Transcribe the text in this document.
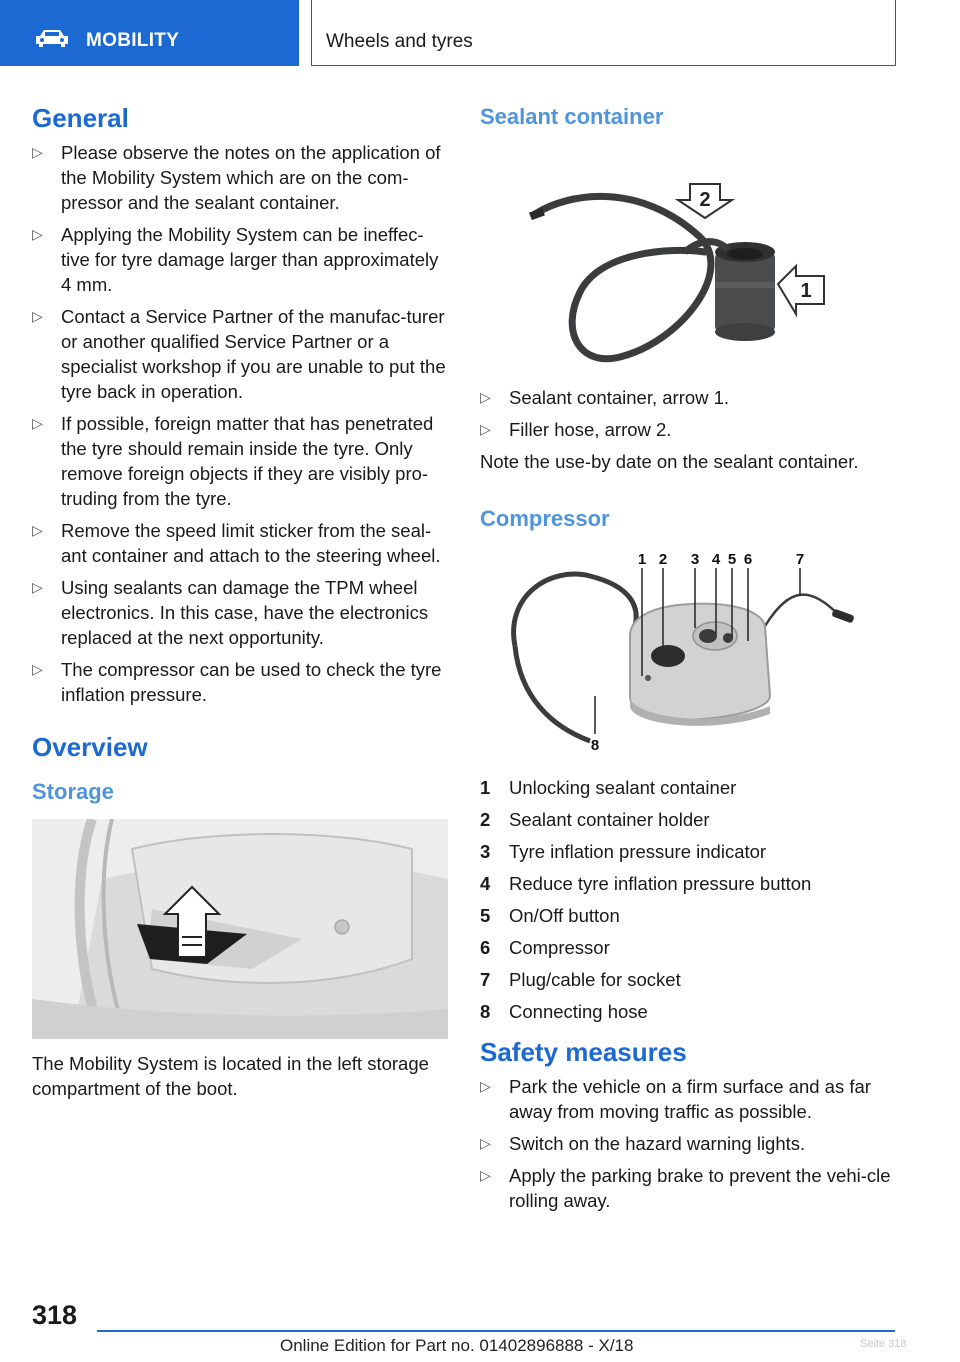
MOBILITY	Wheels and tyres
General
▷ Please observe the notes on the application of the Mobility System which are on the com-pressor and the sealant container.
▷ Applying the Mobility System can be ineffec-tive for tyre damage larger than approximately 4 mm.
▷ Contact a Service Partner of the manufac-turer or another qualified Service Partner or a specialist workshop if you are unable to put the tyre back in operation.
▷ If possible, foreign matter that has penetrated the tyre should remain inside the tyre. Only remove foreign objects if they are visibly pro-truding from the tyre.
▷ Remove the speed limit sticker from the seal-ant container and attach to the steering wheel.
▷ Using sealants can damage the TPM wheel electronics. In this case, have the electronics replaced at the next opportunity.
▷ The compressor can be used to check the tyre inflation pressure.
Overview
Storage

The Mobility System is located in the left storage compartment of the boot.

Sealant container
2
1
▷ Sealant container, arrow 1.
▷ Filler hose, arrow 2.

Note the use-by date on the sealant container.

Compressor
1 2 3 4 5 6	7
8
1 Unlocking sealant container
2 Sealant container holder
3 Tyre inflation pressure indicator
4 Reduce tyre inflation pressure button
5 On/Off button
6 Compressor
7 Plug/cable for socket
8 Connecting hose
Safety measures
▷ Park the vehicle on a firm surface and as far away from moving traffic as possible.
▷ Switch on the hazard warning lights.
▷ Apply the parking brake to prevent the vehi-cle rolling away.
318
Online Edition for Part no. 01402896888 - X/18	Seite 318
